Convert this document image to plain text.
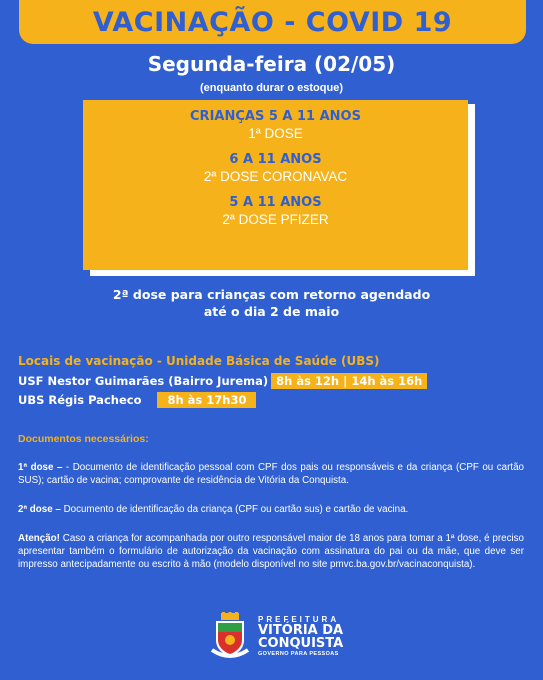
VACINAÇÃO - COVID 19
Segunda-feira (02/05)
(enquanto durar o estoque)
CRIANÇAS 5 A 11 ANOS
1ª DOSE
6 A 11 ANOS
2ª DOSE CORONAVAC
5 A 11 ANOS
2ª DOSE PFIZER
2ª dose para crianças com retorno agendado
até o dia 2 de maio
Locais de vacinação - Unidade Básica de Saúde (UBS)
USF Nestor Guimarães (Bairro Jurema) 8h às 12h | 14h às 16h
UBS Régis Pacheco	8h às 17h30
Documentos necessários:
1ª dose – - Documento de identificação pessoal com CPF dos pais ou responsáveis e da criança (CPF ou cartão SUS); cartão de vacina; comprovante de residência de Vitória da Conquista.
2ª dose – Documento de identificação da criança (CPF ou cartão sus) e cartão de vacina.
Atenção! Caso a criança for acompanhada por outro responsável maior de 18 anos para tomar a 1ª dose, é preciso apresentar também o formulário de autorização da vacinação com assinatura do pai ou da mãe, que deve ser impresso antecipadamente ou escrito à mão (modelo disponível no site pmvc.ba.gov.br/vacinaconquista).
PREFEITURA
VITÓRIA DA
CONQUISTA
GOVERNO PARA PESSOAS
